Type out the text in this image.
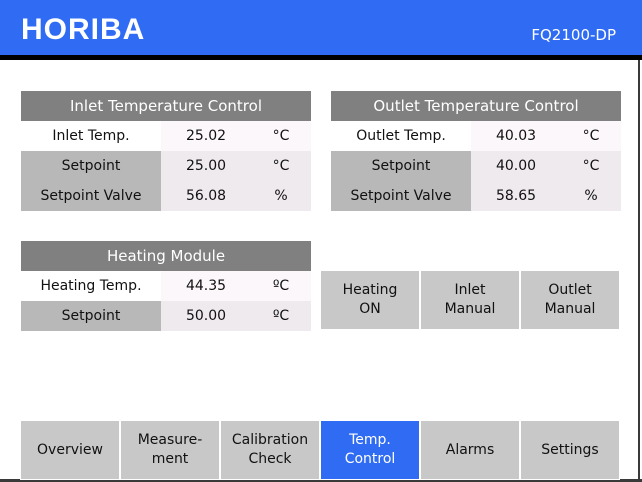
HORIBA	FQ2100-DP
Inlet Temperature Control
Inlet Temp.	25.02	°C
Setpoint	25.00	°C
Setpoint Valve	56.08	%
Outlet Temperature Control
Outlet Temp.	40.03	°C
Setpoint	40.00	°C
Setpoint Valve	58.65	%
Heating Module
Heating Temp.	44.35	ºC
Setpoint	50.00	ºC
Heating
ON
Inlet
Manual
Outlet
Manual
Overview
Measure-
ment
Calibration
Check
Temp.
Control
Alarms	Settings
